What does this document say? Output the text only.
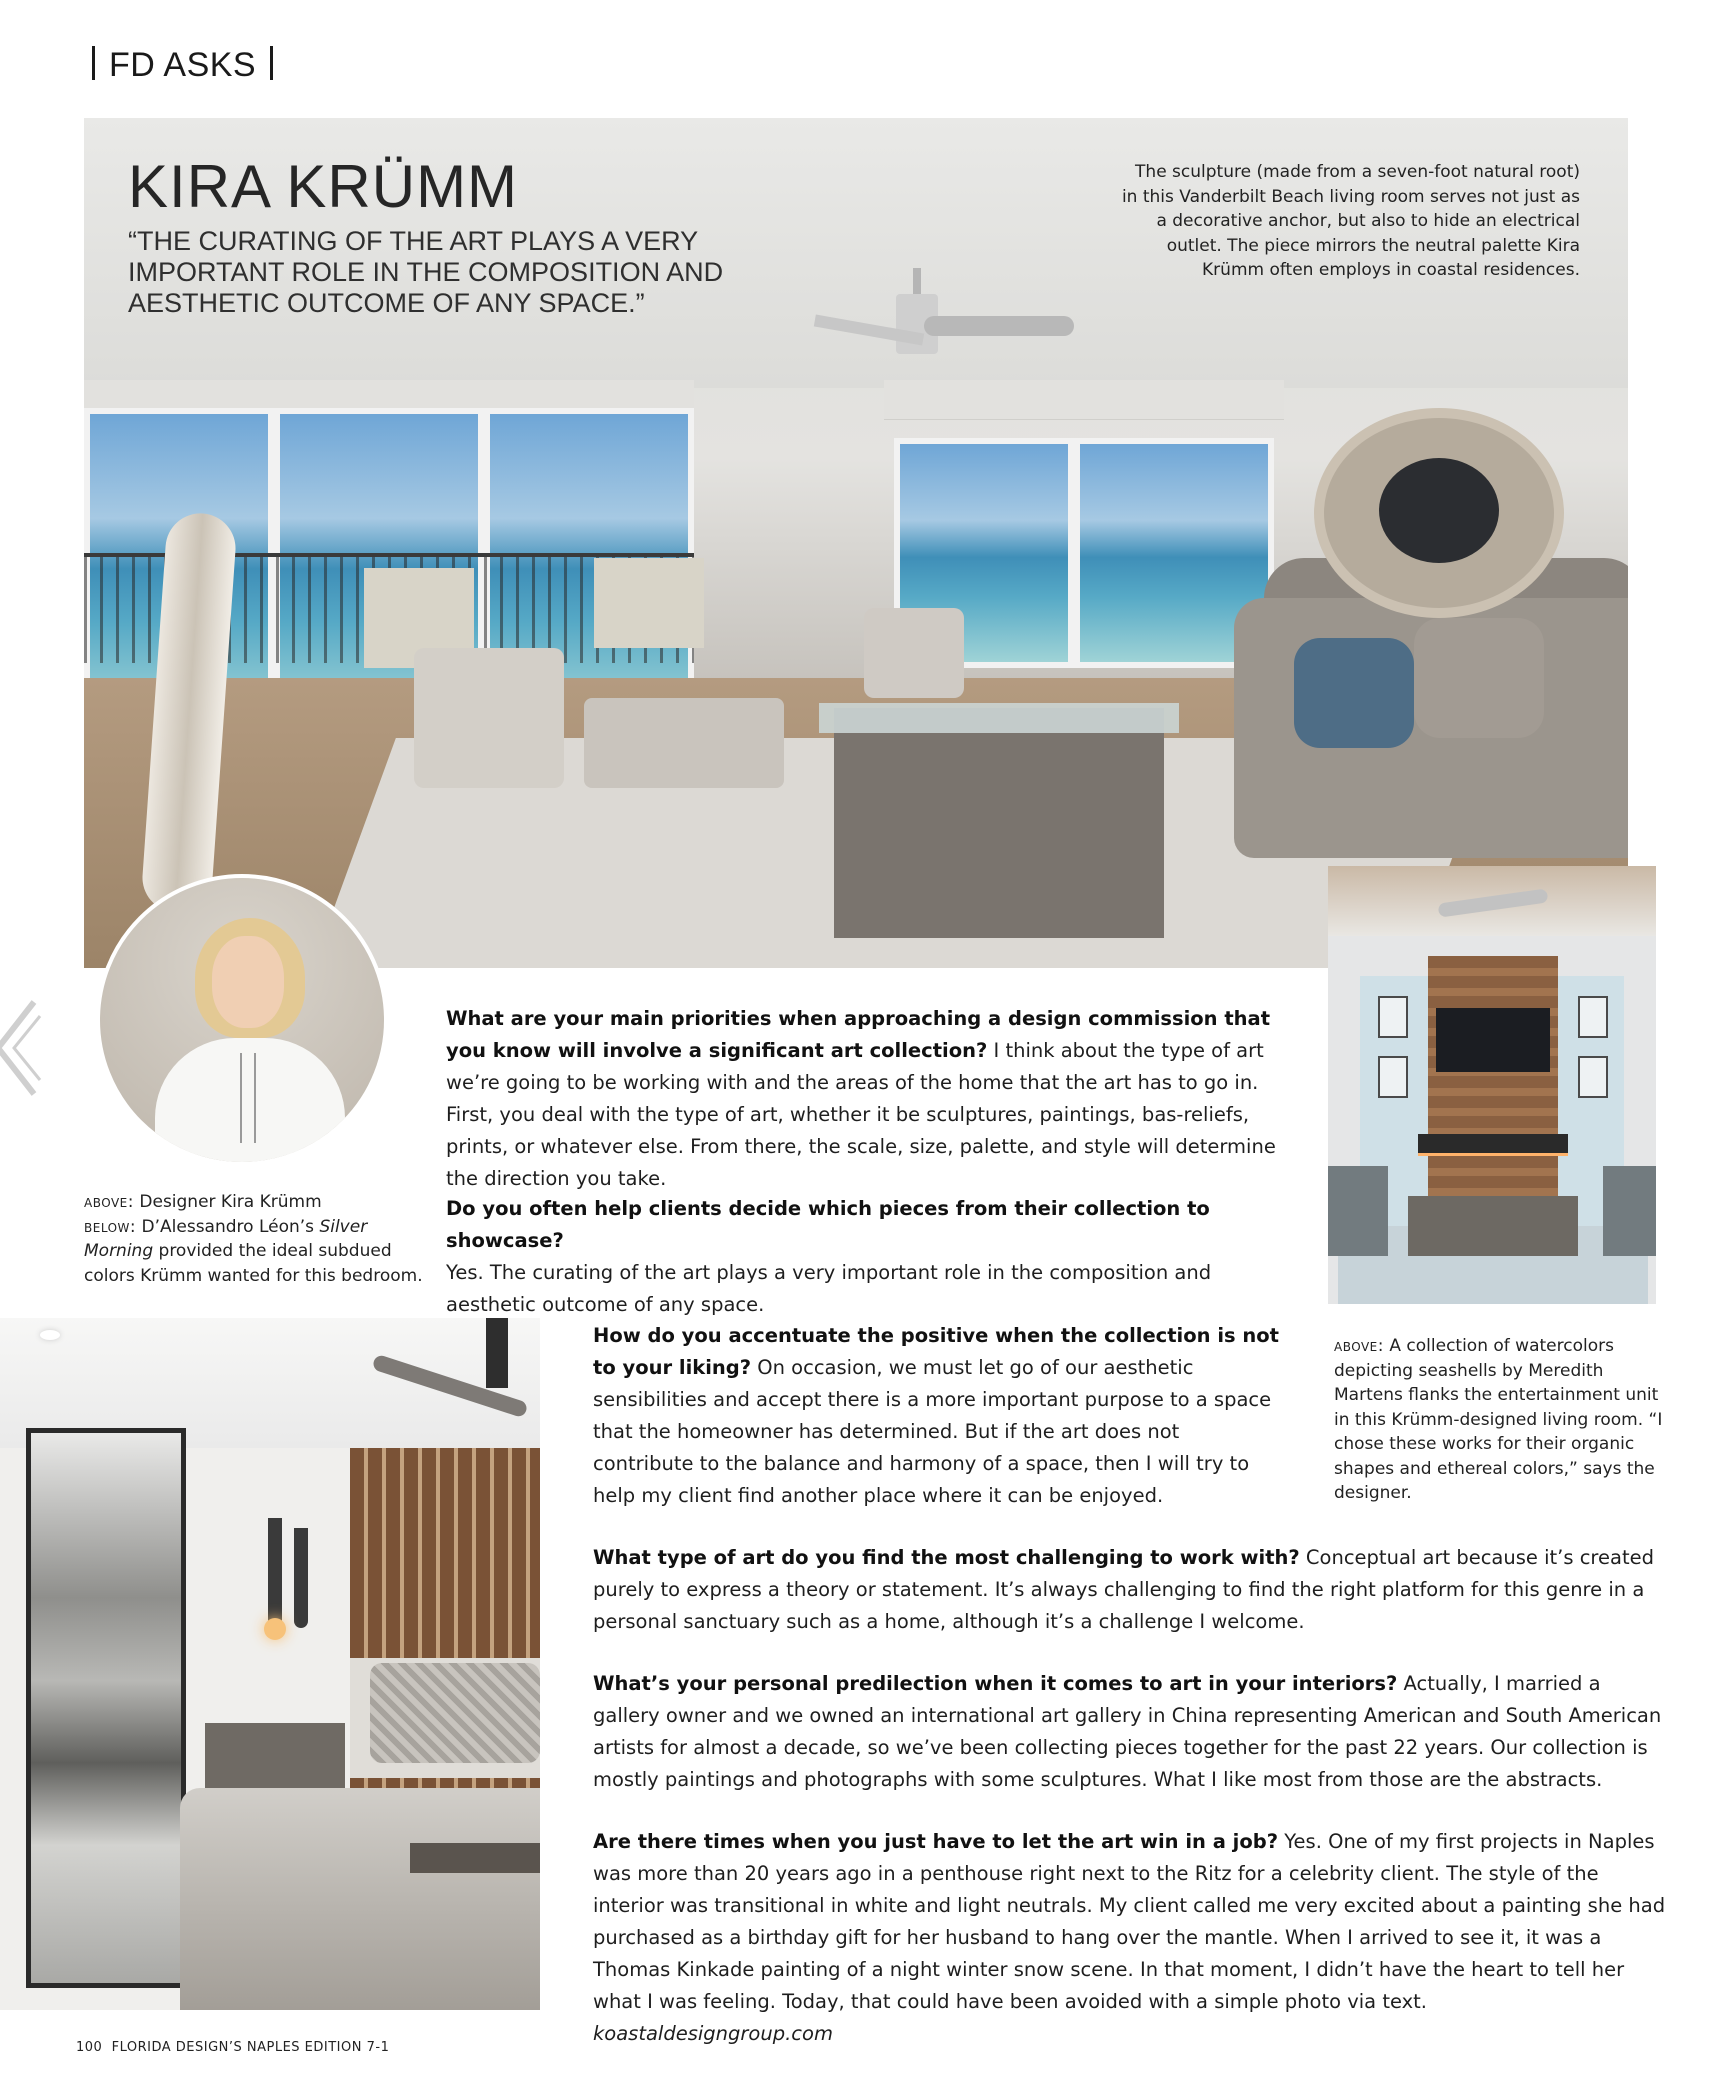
FD ASKS
KIRA KRÜMM

“THE CURATING OF THE ART PLAYS A VERY IMPORTANT ROLE IN THE COMPOSITION AND AESTHETIC OUTCOME OF ANY SPACE.”

The sculpture (made from a seven-foot natural root) in this Vanderbilt Beach living room serves not just as a decorative anchor, but also to hide an electrical outlet. The piece mirrors the neutral palette Kira Krümm often employs in coastal residences.

above: Designer Kira Krümm
below: D’Alessandro Léon’s Silver Morning provided the ideal subdued colors Krümm wanted for this bedroom.

above: A collection of watercolors depicting seashells by Meredith Martens flanks the entertainment unit in this Krümm-designed living room. “I chose these works for their organic shapes and ethereal colors,” says the designer.

What are your main priorities when approaching a design commission that you know will involve a significant art collection? I think about the type of art we’re going to be working with and the areas of the home that the art has to go in. First, you deal with the type of art, whether it be sculptures, paintings, bas-reliefs, prints, or whatever else. From there, the scale, size, palette, and style will determine the direction you take.

Do you often help clients decide which pieces from their collection to showcase?
Yes. The curating of the art plays a very important role in the composition and aesthetic outcome of any space.

How do you accentuate the positive when the collection is not to your liking? On occasion, we must let go of our aesthetic sensibilities and accept there is a more important purpose to a space that the homeowner has determined. But if the art does not contribute to the balance and harmony of a space, then I will try to help my client find another place where it can be enjoyed.

What type of art do you find the most challenging to work with? Conceptual art because it’s created purely to express a theory or statement. It’s always challenging to find the right platform for this genre in a personal sanctuary such as a home, although it’s a challenge I welcome.

What’s your personal predilection when it comes to art in your interiors? Actually, I married a gallery owner and we owned an international art gallery in China representing American and South American artists for almost a decade, so we’ve been collecting pieces together for the past 22 years. Our collection is mostly paintings and photographs with some sculptures. What I like most from those are the abstracts.

Are there times when you just have to let the art win in a job? Yes. One of my first projects in Naples was more than 20 years ago in a penthouse right next to the Ritz for a celebrity client. The style of the interior was transitional in white and light neutrals. My client called me very excited about a painting she had purchased as a birthday gift for her husband to hang over the mantle. When I arrived to see it, it was a Thomas Kinkade painting of a night winter snow scene. In that moment, I didn’t have the heart to tell her what I was feeling. Today, that could have been avoided with a simple photo via text. koastaldesigngroup.com

100 FLORIDA DESIGN’S NAPLES EDITION 7-1
